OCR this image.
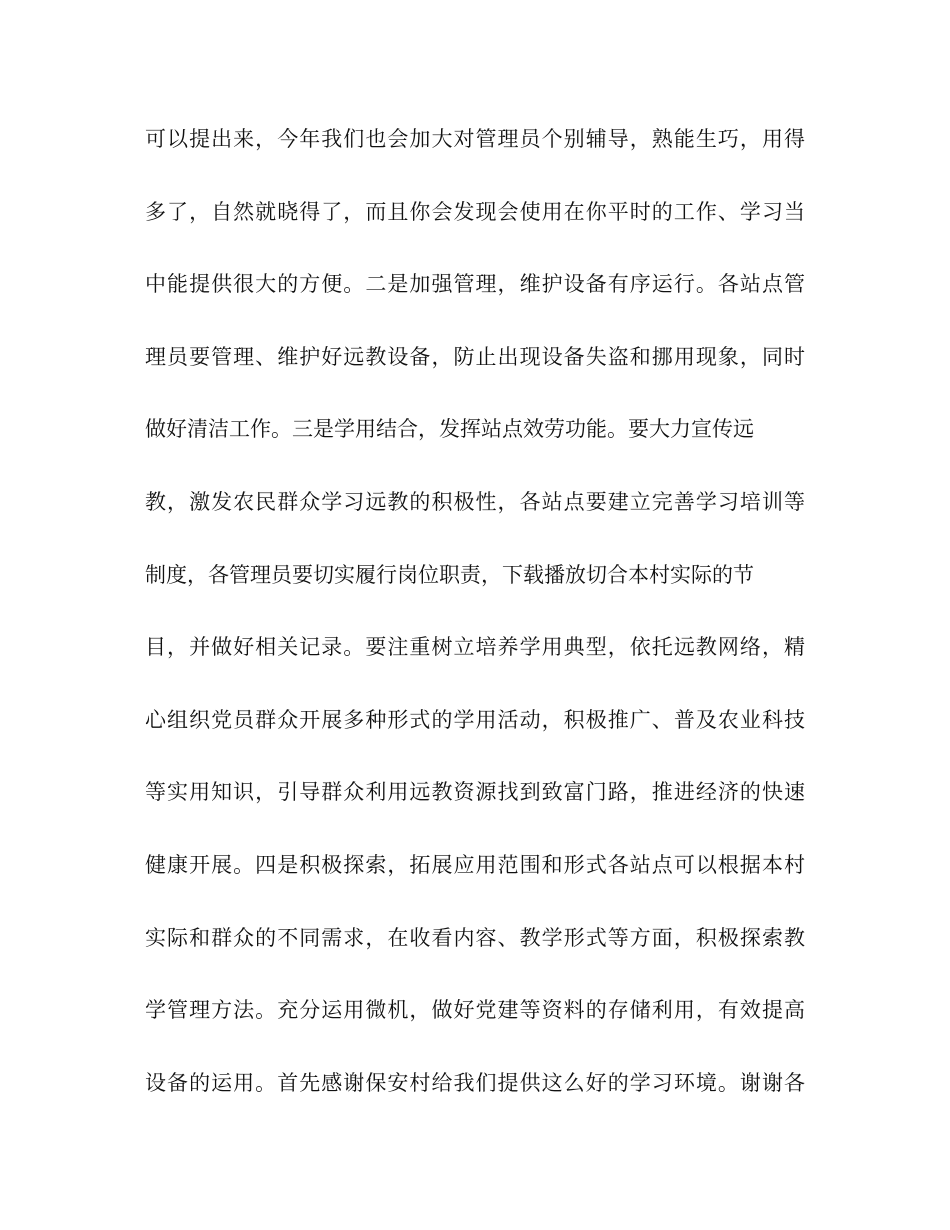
可以提出来，今年我们也会加大对管理员个别辅导，熟能生巧，用得
多了，自然就晓得了，而且你会发现会使用在你平时的工作、学习当
中能提供很大的方便。二是加强管理，维护设备有序运行。各站点管
理员要管理、维护好远教设备，防止出现设备失盗和挪用现象，同时
做好清洁工作。三是学用结合，发挥站点效劳功能。要大力宣传远
教，激发农民群众学习远教的积极性，各站点要建立完善学习培训等
制度，各管理员要切实履行岗位职责，下载播放切合本村实际的节
目，并做好相关记录。要注重树立培养学用典型，依托远教网络，精
心组织党员群众开展多种形式的学用活动，积极推广、普及农业科技
等实用知识，引导群众利用远教资源找到致富门路，推进经济的快速
健康开展。四是积极探索，拓展应用范围和形式各站点可以根据本村
实际和群众的不同需求，在收看内容、教学形式等方面，积极探索教
学管理方法。充分运用微机，做好党建等资料的存储利用，有效提高
设备的运用。首先感谢保安村给我们提供这么好的学习环境。谢谢各
